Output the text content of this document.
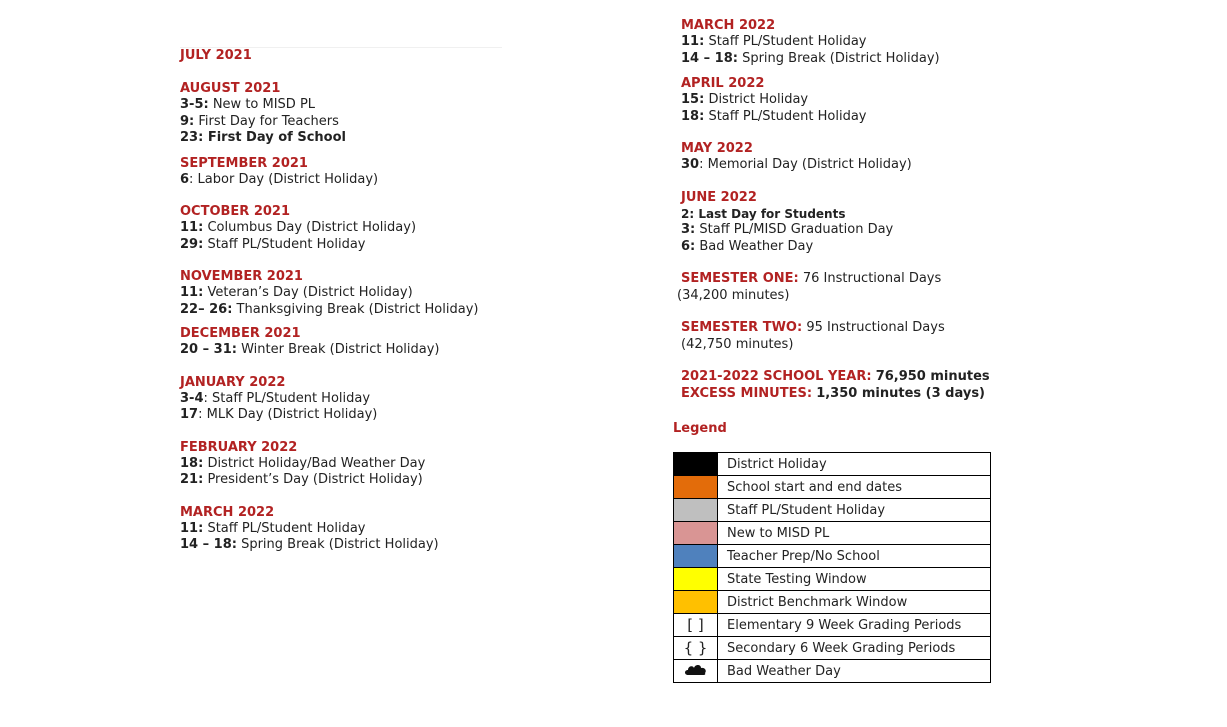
JULY 2021

AUGUST 2021

3-5: New to MISD PL

9: First Day for Teachers

23: First Day of School

SEPTEMBER 2021

6: Labor Day (District Holiday)

OCTOBER 2021

11: Columbus Day (District Holiday)

29: Staff PL/Student Holiday

NOVEMBER 2021

11: Veteran’s Day (District Holiday)

22– 26: Thanksgiving Break (District Holiday)

DECEMBER 2021

20 – 31: Winter Break (District Holiday)

JANUARY 2022

3-4: Staff PL/Student Holiday

17: MLK Day (District Holiday)

FEBRUARY 2022

18: District Holiday/Bad Weather Day

21: President’s Day (District Holiday)

MARCH 2022

11: Staff PL/Student Holiday

14 – 18: Spring Break (District Holiday)

MARCH 2022

11: Staff PL/Student Holiday

14 – 18: Spring Break (District Holiday)

APRIL 2022

15: District Holiday

18: Staff PL/Student Holiday

MAY 2022

30: Memorial Day (District Holiday)

JUNE 2022

2: Last Day for Students

3: Staff PL/MISD Graduation Day

6: Bad Weather Day

SEMESTER ONE: 76 Instructional Days
(34,200 minutes)
SEMESTER TWO: 95 Instructional Days
(42,750 minutes)
2021-2022 SCHOOL YEAR: 76,950 minutes
EXCESS MINUTES: 1,350 minutes (3 days)
Legend
	District Holiday
	School start and end dates
	Staff PL/Student Holiday
	New to MISD PL
	Teacher Prep/No School
	State Testing Window
	District Benchmark Window
[ ]	Elementary 9 Week Grading Periods
{ }	Secondary 6 Week Grading Periods
	Bad Weather Day
